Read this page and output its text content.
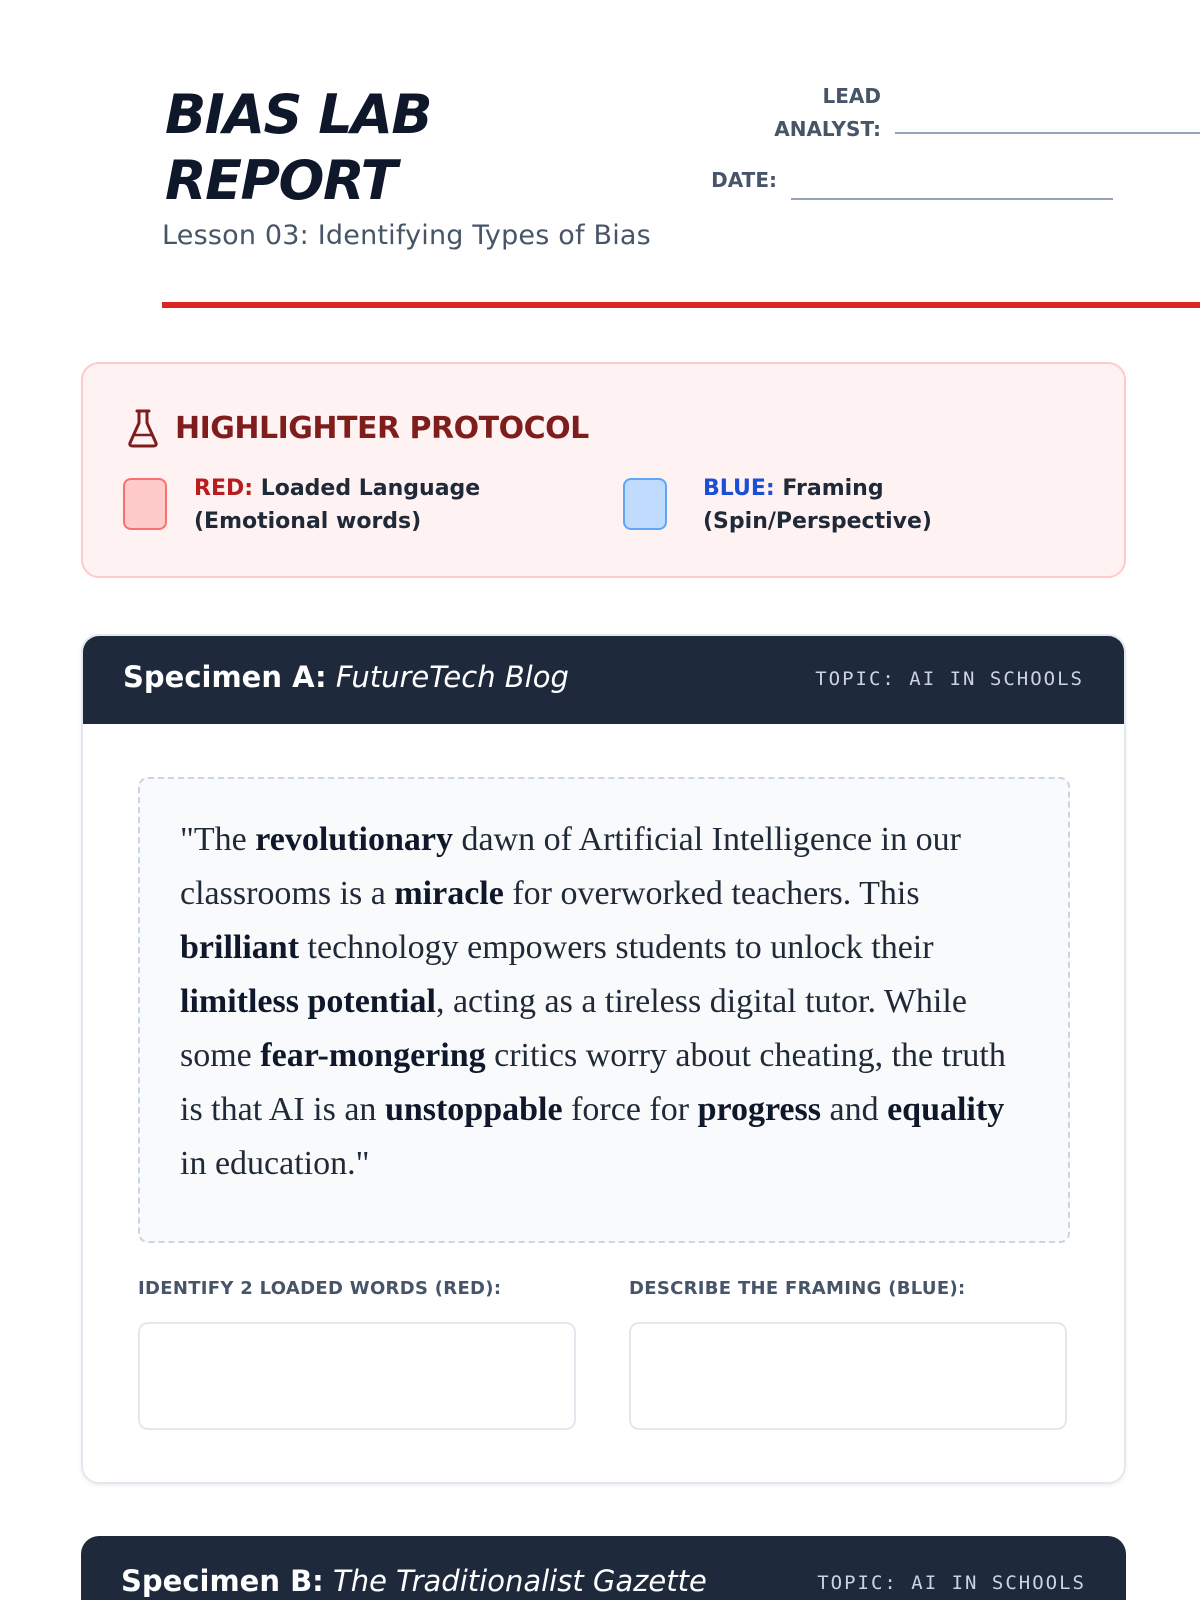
BIAS LAB REPORT
Lesson 03: Identifying Types of Bias
LEAD ANALYST:
DATE:
HIGHLIGHTER PROTOCOL
RED: Loaded Language (Emotional words)
BLUE: Framing (Spin/Perspective)
Specimen A: FutureTech Blog	TOPIC: AI IN SCHOOLS
"The revolutionary dawn of Artificial Intelligence in our classrooms is a miracle for overworked teachers. This brilliant technology empowers students to unlock their limitless potential, acting as a tireless digital tutor. While some fear-mongering critics worry about cheating, the truth is that AI is an unstoppable force for progress and equality in education."
IDENTIFY 2 LOADED WORDS (RED):	DESCRIBE THE FRAMING (BLUE):
Specimen B: The Traditionalist Gazette	TOPIC: AI IN SCHOOLS
